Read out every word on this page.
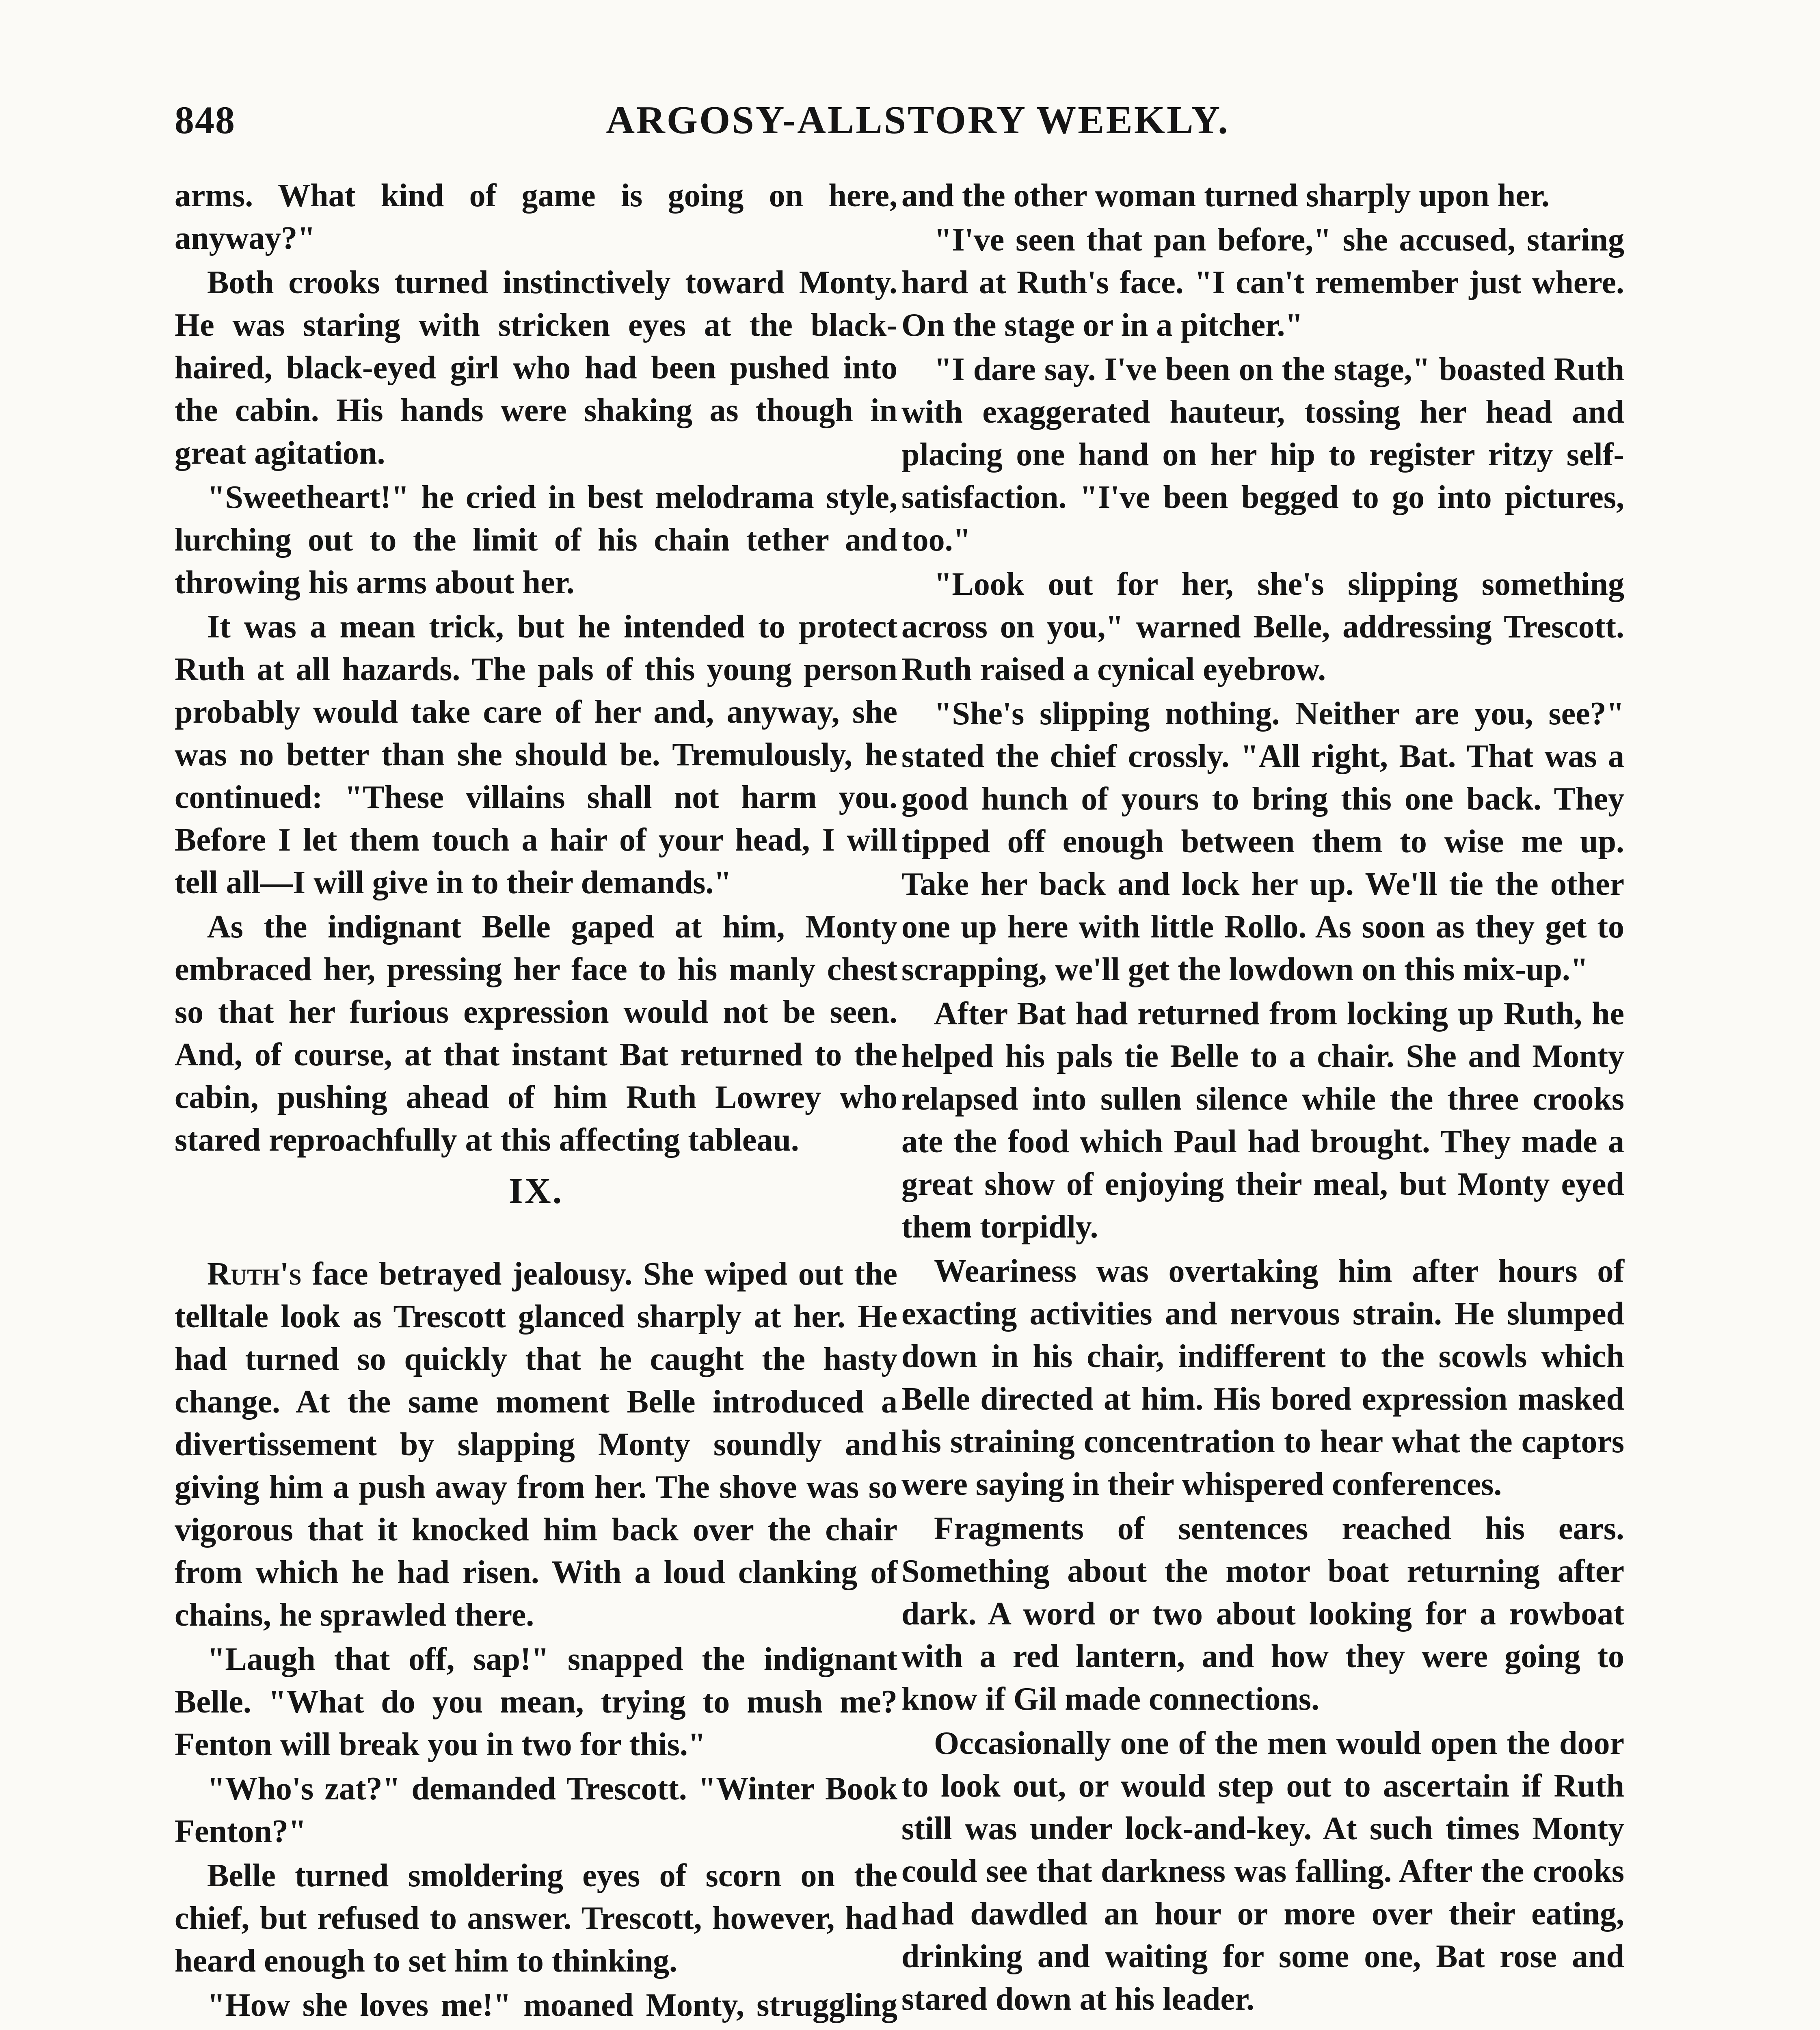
848	ARGOSY-ALLSTORY WEEKLY.

arms. What kind of game is going on here, anyway?"

Both crooks turned instinctively toward Monty. He was staring with stricken eyes at the black-haired, black-eyed girl who had been pushed into the cabin. His hands were shaking as though in great agitation.

"Sweetheart!" he cried in best melodrama style, lurching out to the limit of his chain tether and throwing his arms about her.

It was a mean trick, but he intended to protect Ruth at all hazards. The pals of this young person probably would take care of her and, anyway, she was no better than she should be. Tremulously, he continued: "These villains shall not harm you. Before I let them touch a hair of your head, I will tell all—I will give in to their demands."

As the indignant Belle gaped at him, Monty embraced her, pressing her face to his manly chest so that her furious expression would not be seen. And, of course, at that instant Bat returned to the cabin, pushing ahead of him Ruth Lowrey who stared reproachfully at this affecting tableau.

IX.

Ruth's face betrayed jealousy. She wiped out the telltale look as Trescott glanced sharply at her. He had turned so quickly that he caught the hasty change. At the same moment Belle introduced a divertissement by slapping Monty soundly and giving him a push away from her. The shove was so vigorous that it knocked him back over the chair from which he had risen. With a loud clanking of chains, he sprawled there.

"Laugh that off, sap!" snapped the indignant Belle. "What do you mean, trying to mush me? Fenton will break you in two for this."

"Who's zat?" demanded Trescott. "Winter Book Fenton?"

Belle turned smoldering eyes of scorn on the chief, but refused to answer. Trescott, however, had heard enough to set him to thinking.

"How she loves me!" moaned Monty, struggling

and the other woman turned sharply upon her.

"I've seen that pan before," she accused, staring hard at Ruth's face. "I can't remember just where. On the stage or in a pitcher."

"I dare say. I've been on the stage," boasted Ruth with exaggerated hauteur, tossing her head and placing one hand on her hip to register ritzy self-satisfaction. "I've been begged to go into pictures, too."

"Look out for her, she's slipping something across on you," warned Belle, addressing Trescott. Ruth raised a cynical eyebrow.

"She's slipping nothing. Neither are you, see?" stated the chief crossly. "All right, Bat. That was a good hunch of yours to bring this one back. They tipped off enough between them to wise me up. Take her back and lock her up. We'll tie the other one up here with little Rollo. As soon as they get to scrapping, we'll get the lowdown on this mix-up."

After Bat had returned from locking up Ruth, he helped his pals tie Belle to a chair. She and Monty relapsed into sullen silence while the three crooks ate the food which Paul had brought. They made a great show of enjoying their meal, but Monty eyed them torpidly.

Weariness was overtaking him after hours of exacting activities and nervous strain. He slumped down in his chair, indifferent to the scowls which Belle directed at him. His bored expression masked his straining concentration to hear what the captors were saying in their whispered conferences.

Fragments of sentences reached his ears. Something about the motor boat returning after dark. A word or two about looking for a rowboat with a red lantern, and how they were going to know if Gil made connections.

Occasionally one of the men would open the door to look out, or would step out to ascertain if Ruth still was under lock-and-key. At such times Monty could see that darkness was falling. After the crooks had dawdled an hour or more over their eating, drinking and waiting for some one, Bat rose and stared down at his leader.
